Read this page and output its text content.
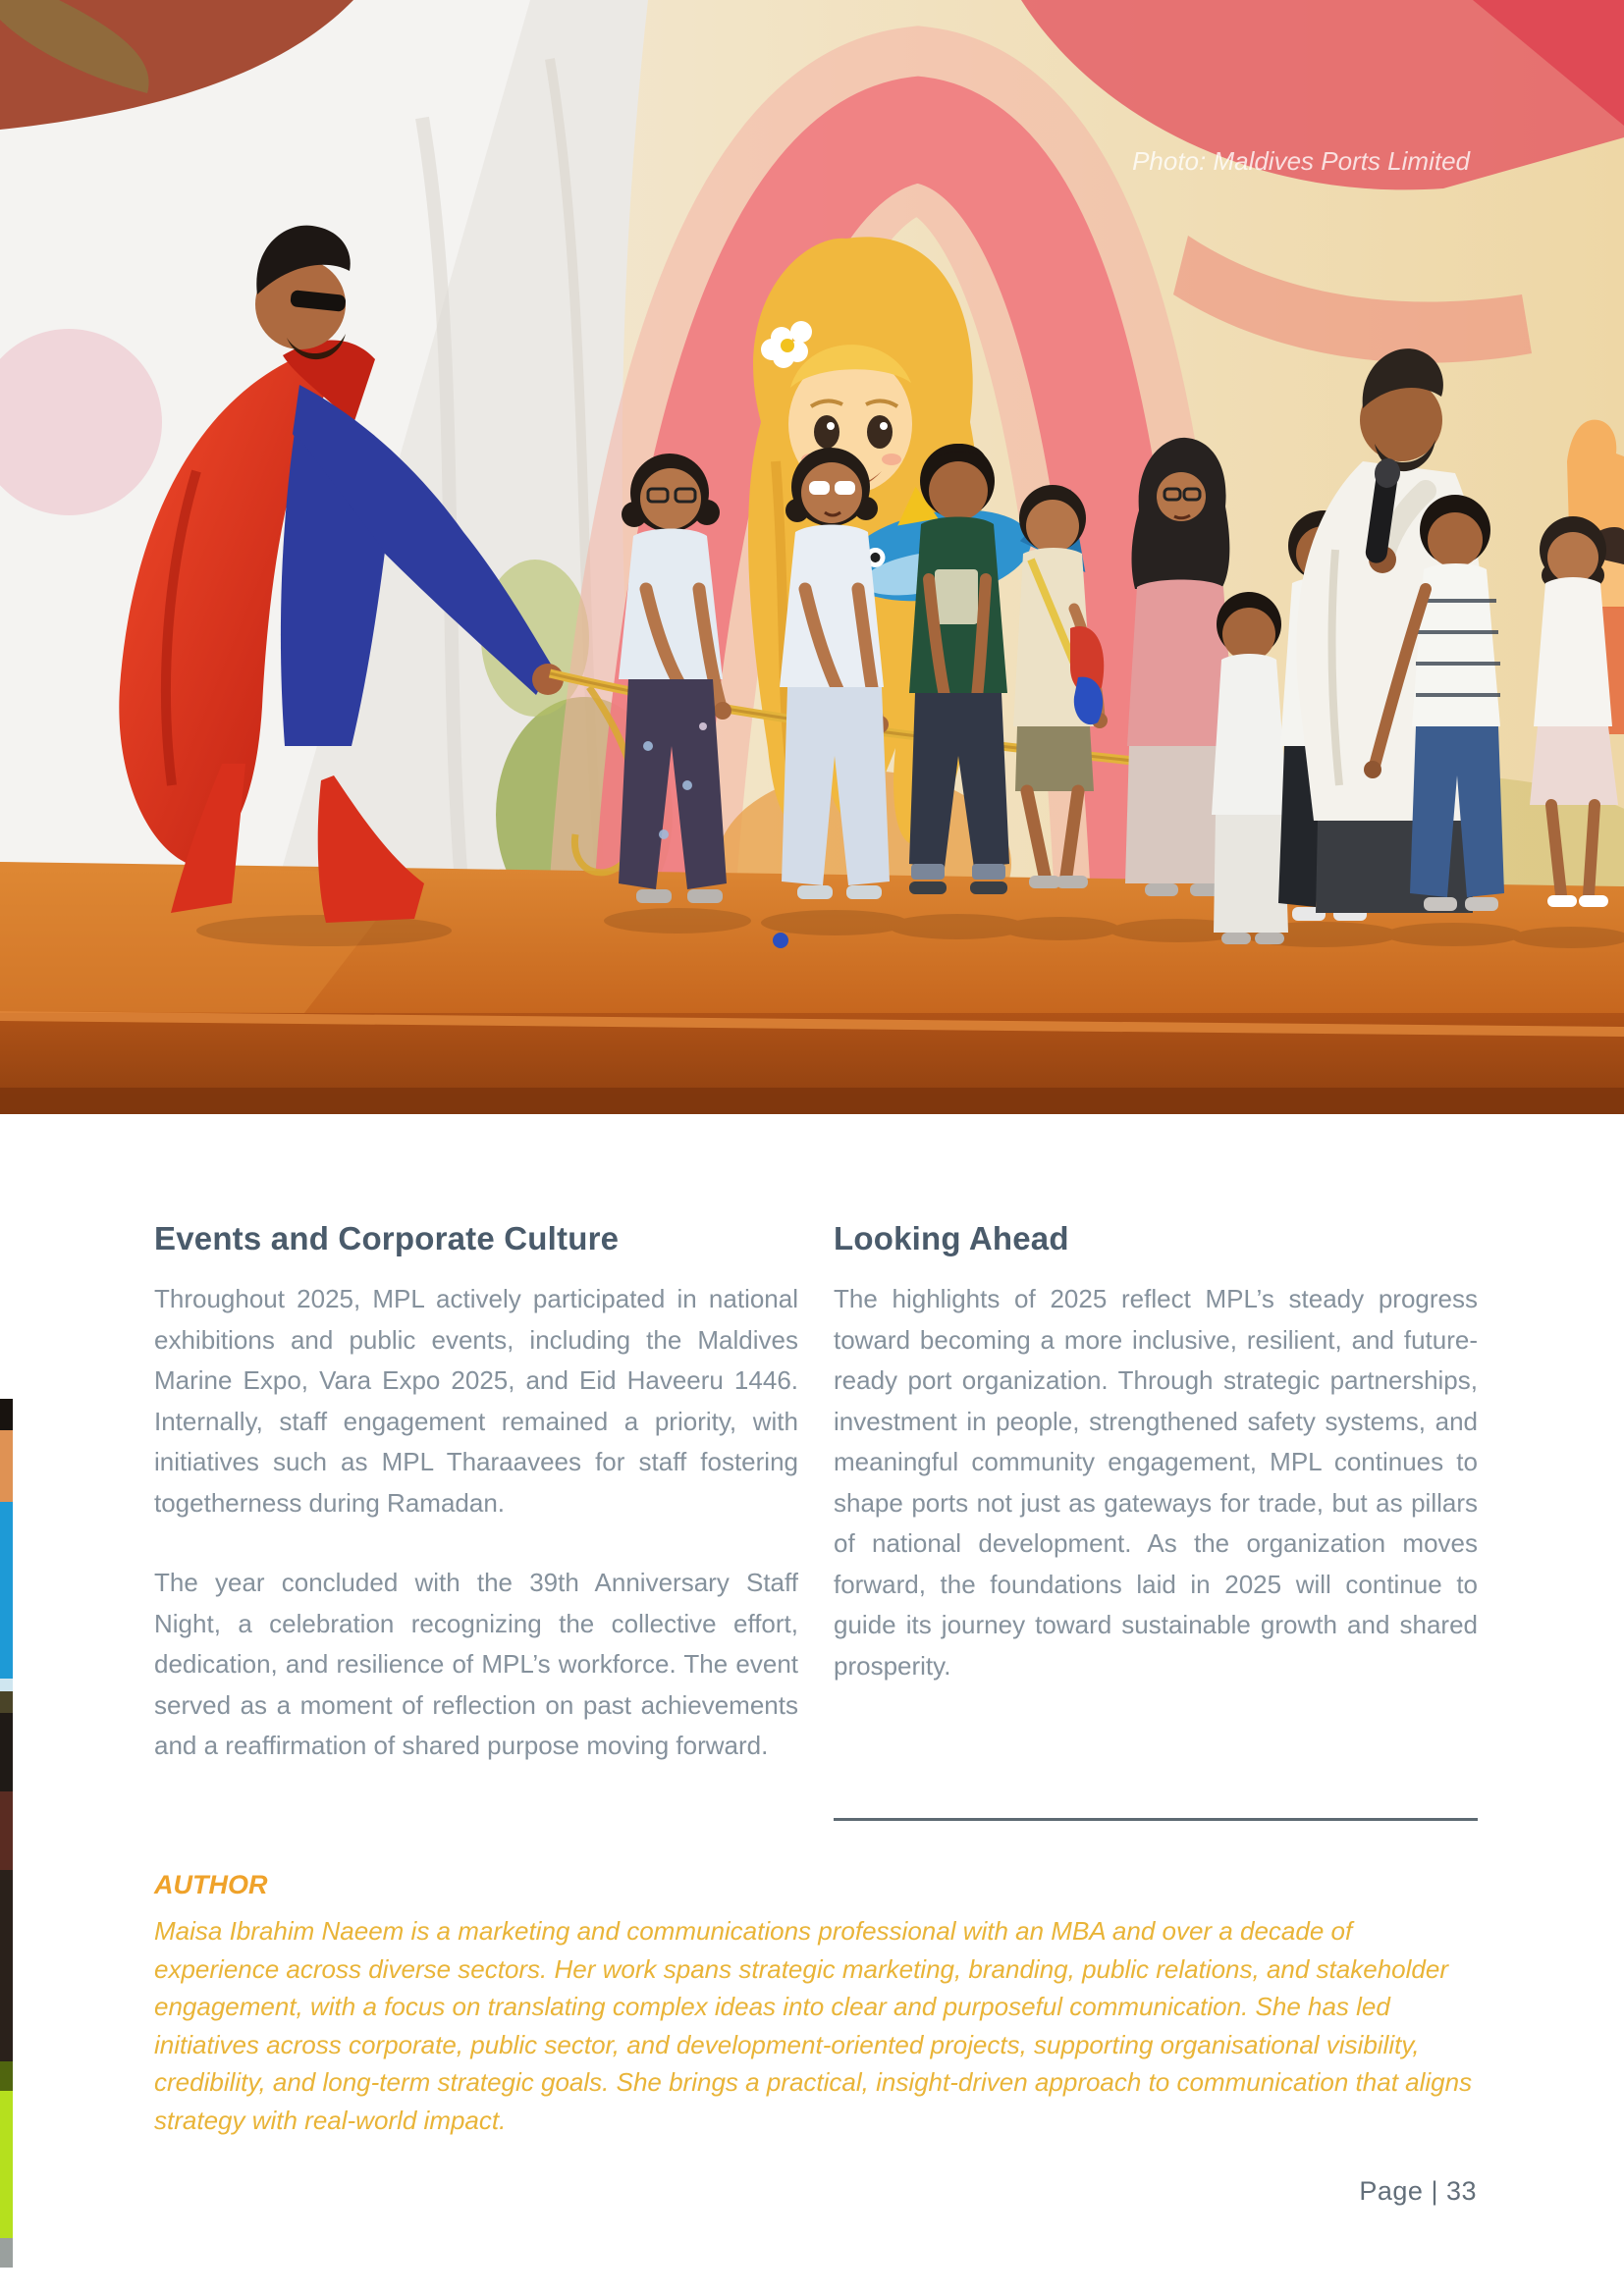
Photo: Maldives Ports Limited
Events and Corporate Culture

Throughout 2025, MPL actively participated in national exhibitions and public events, including the Maldives Marine Expo, Vara Expo 2025, and Eid Haveeru 1446. Internally, staff engagement remained a priority, with initiatives such as MPL Tharaavees for staff fostering togetherness during Ramadan.

The year concluded with the 39th Anniversary Staff Night, a celebration recognizing the collective effort, dedication, and resilience of MPL’s workforce. The event served as a moment of reflection on past achievements and a reaffirmation of shared purpose moving forward.

Looking Ahead

The highlights of 2025 reflect MPL’s steady progress toward becoming a more inclusive, resilient, and future-ready port organization. Through strategic partnerships, investment in people, strengthened safety systems, and meaningful community engagement, MPL continues to shape ports not just as gateways for trade, but as pillars of national development. As the organization moves forward, the foundations laid in 2025 will continue to guide its journey toward sustainable growth and shared prosperity.

AUTHOR

Maisa Ibrahim Naeem is a marketing and communications professional with an MBA and over a decade of experience across diverse sectors. Her work spans strategic marketing, branding, public relations, and stakeholder engagement, with a focus on translating complex ideas into clear and purposeful communication. She has led initiatives across corporate, public sector, and development-oriented projects, supporting organisational visibility, credibility, and long-term strategic goals. She brings a practical, insight-driven approach to communication that aligns strategy with real-world impact.

Page | 33
